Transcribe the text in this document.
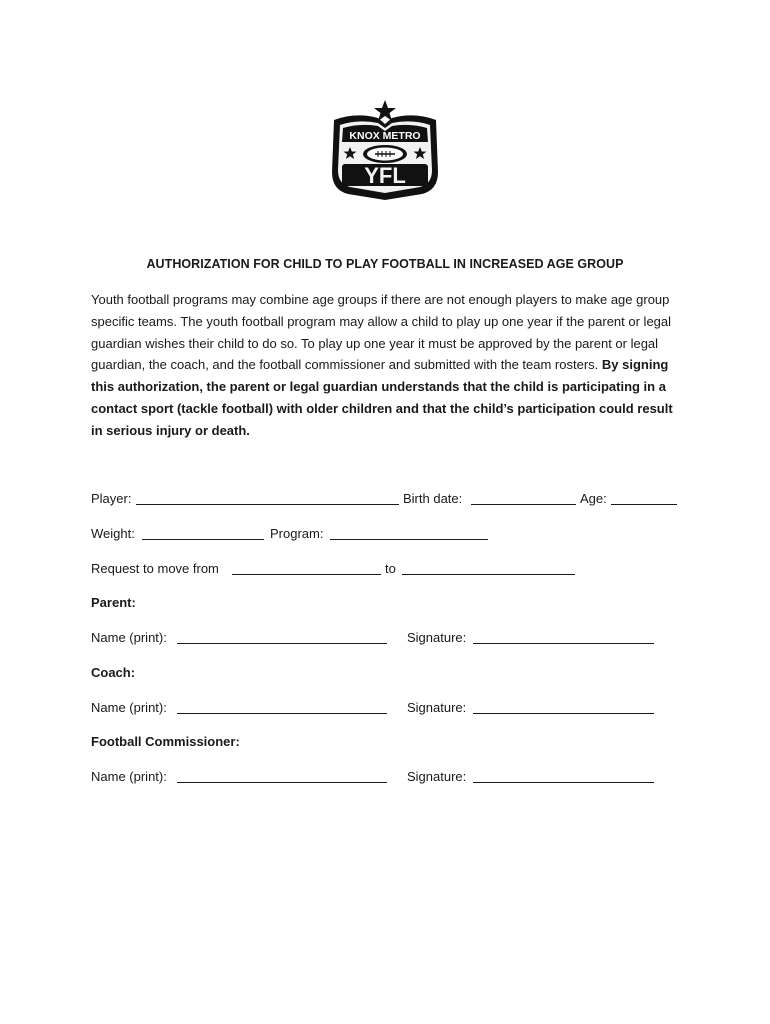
KNOX METRO
YFL
AUTHORIZATION FOR CHILD TO PLAY FOOTBALL IN INCREASED AGE GROUP

Youth football programs may combine age groups if there are not enough players to make age group specific teams. The youth football program may allow a child to play up one year if the parent or legal guardian wishes their child to do so. To play up one year it must be approved by the parent or legal guardian, the coach, and the football commissioner and submitted with the team rosters. By signing this authorization, the parent or legal guardian understands that the child is participating in a contact sport (tackle football) with older children and that the child’s participation could result in serious injury or death.

Player:	Birth date:	Age:
Weight:	Program:
Request to move from	to
Parent:
Name (print):	Signature:
Coach:
Name (print):	Signature:
Football Commissioner:
Name (print):	Signature:
